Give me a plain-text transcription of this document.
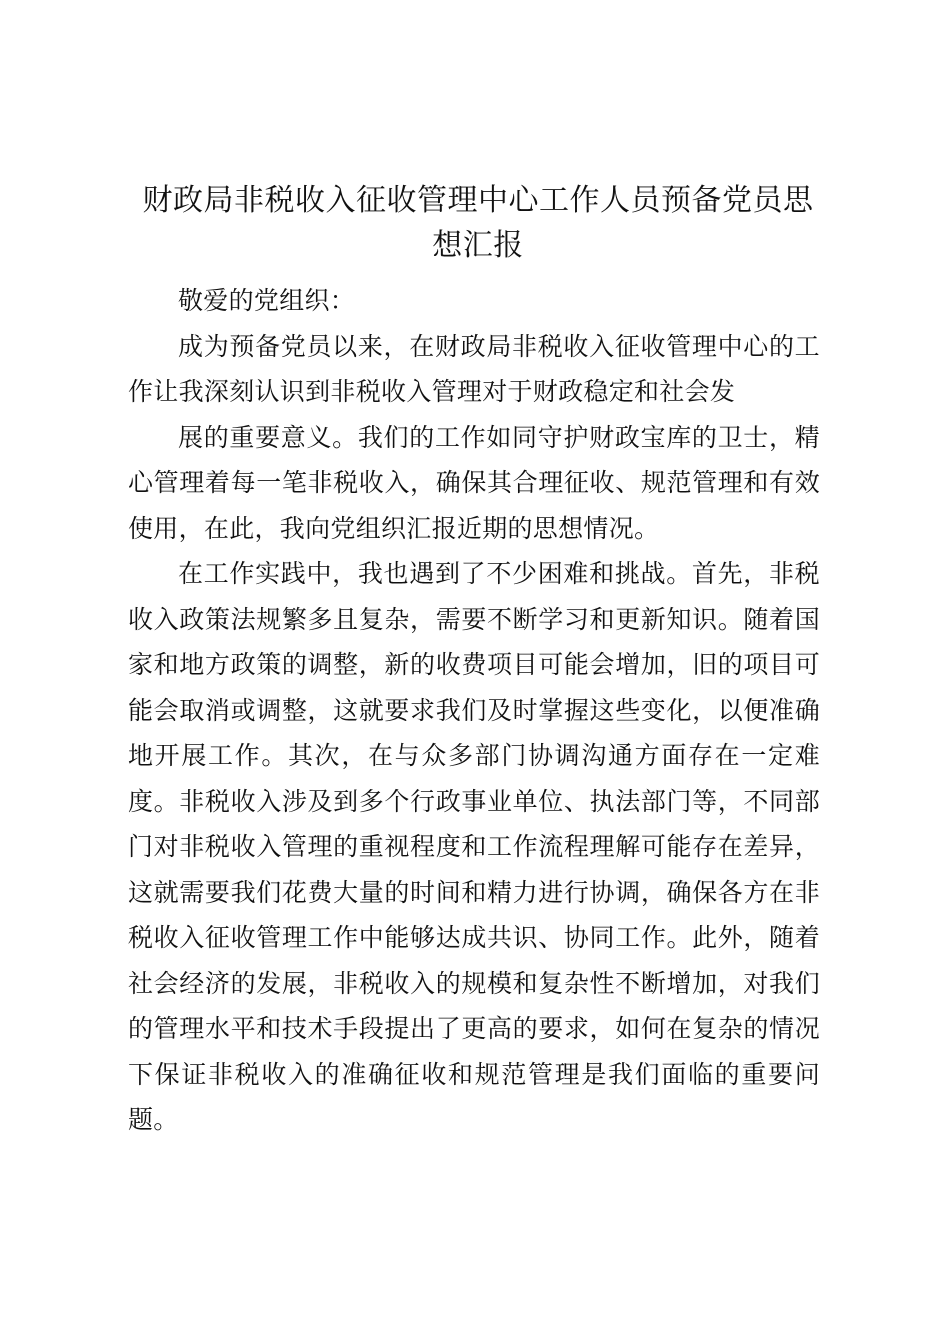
财政局非税收入征收管理中心工作人员预备党员思想汇报

敬爱的党组织：

成为预备党员以来，在财政局非税收入征收管理中心的工作让我深刻认识到非税收入管理对于财政稳定和社会发

展的重要意义。我们的工作如同守护财政宝库的卫士，精心管理着每一笔非税收入，确保其合理征收、规范管理和有效使用，在此，我向党组织汇报近期的思想情况。

在工作实践中，我也遇到了不少困难和挑战。首先，非税收入政策法规繁多且复杂，需要不断学习和更新知识。随着国家和地方政策的调整，新的收费项目可能会增加，旧的项目可能会取消或调整，这就要求我们及时掌握这些变化，以便准确地开展工作。其次，在与众多部门协调沟通方面存在一定难度。非税收入涉及到多个行政事业单位、执法部门等，不同部门对非税收入管理的重视程度和工作流程理解可能存在差异，这就需要我们花费大量的时间和精力进行协调，确保各方在非税收入征收管理工作中能够达成共识、协同工作。此外，随着社会经济的发展，非税收入的规模和复杂性不断增加，对我们的管理水平和技术手段提出了更高的要求，如何在复杂的情况下保证非税收入的准确征收和规范管理是我们面临的重要问题。
